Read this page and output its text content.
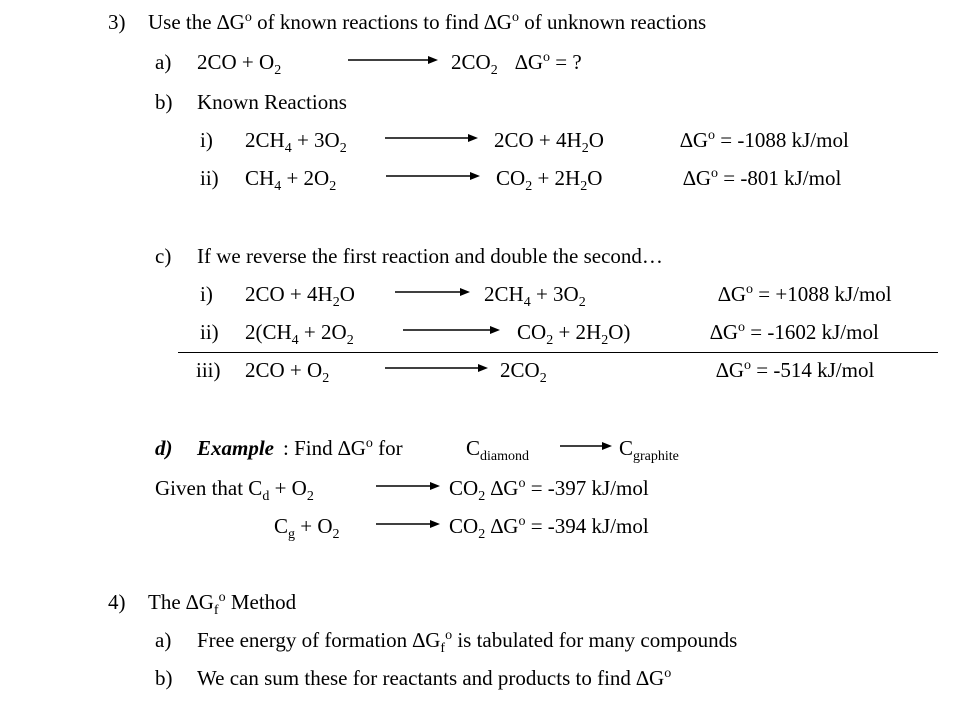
3) Use the $\Delta G^o$ of known reactions to find $\Delta G^o$ of unknown reactions
a) $2CO + O_2$	$2CO_2$ $\Delta G^o$ = ?
b) Known Reactions
i) $2CH_4 + 3O_2$	$2CO + 4H_2O$	$\Delta G^o = -1088$ kJ/mol
ii) $CH_4 + 2O_2$	$CO_2 + 2H_2O$	$\Delta G^o = -801$ kJ/mol
c) If we reverse the first reaction and double the second…
i) $2CO + 4H_2O$	$2CH_4 + 3O_2$	$\Delta G^o = +1088$ kJ/mol
ii) $2(CH_4 + 2O_2$	$CO_2 + 2H_2O$)	$\Delta G^o = -1602$ kJ/mol
iii) $2CO + O_2$	$2CO_2$	$\Delta G^o = -514$ kJ/mol
d) Example : Find $\Delta G^o$ for	$C_{diamond}$	$C_{graphite}$
Given that $C_d + O_2$	$CO_2$ $\Delta G^o = -397$ kJ/mol
$C_g + O_2$	$CO_2$ $\Delta G^o = -394$ kJ/mol
4) The $\Delta G_f^o$ Method
a) Free energy of formation $\Delta G_f^o$ is tabulated for many compounds
b) We can sum these for reactants and products to find $\Delta G^o$
